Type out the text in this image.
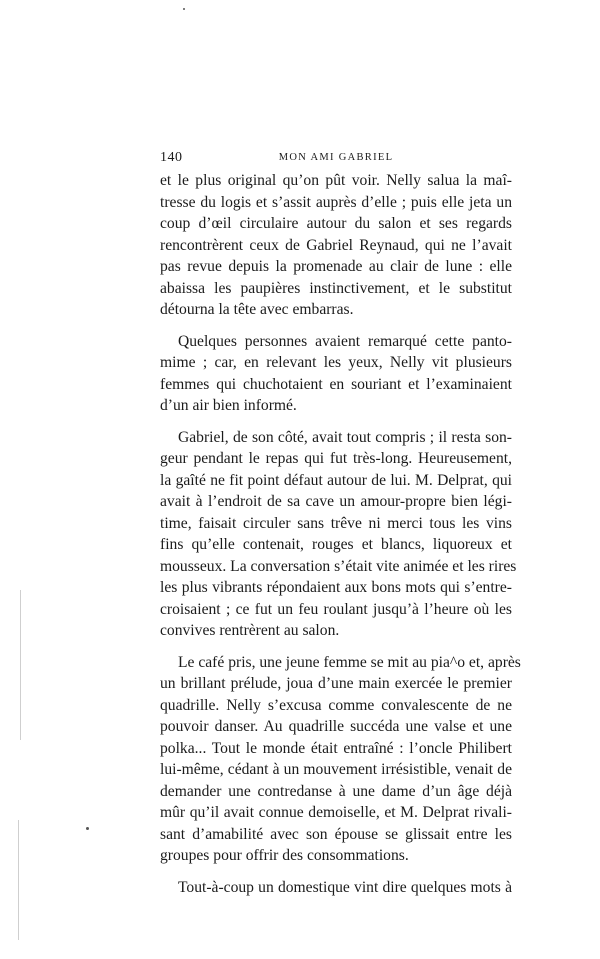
140	MON AMI GABRIEL
et le plus original qu’on pût voir. Nelly salua la maî-
tresse du logis et s’assit auprès d’elle ; puis elle jeta un
coup d’œil circulaire autour du salon et ses regards
rencontrèrent ceux de Gabriel Reynaud, qui ne l’avait
pas revue depuis la promenade au clair de lune : elle
abaissa les paupières instinctivement, et le substitut
détourna la tête avec embarras.
Quelques personnes avaient remarqué cette panto-
mime ; car, en relevant les yeux, Nelly vit plusieurs
femmes qui chuchotaient en souriant et l’examinaient
d’un air bien informé.
Gabriel, de son côté, avait tout compris ; il resta son-
geur pendant le repas qui fut très-long. Heureusement,
la gaîté ne fit point défaut autour de lui. M. Delprat, qui
avait à l’endroit de sa cave un amour-propre bien légi-
time, faisait circuler sans trêve ni merci tous les vins
fins qu’elle contenait, rouges et blancs, liquoreux et
mousseux. La conversation s’était vite animée et les rires
les plus vibrants répondaient aux bons mots qui s’entre-
croisaient ; ce fut un feu roulant jusqu’à l’heure où les
convives rentrèrent au salon.
Le café pris, une jeune femme se mit au pia^o et, après
un brillant prélude, joua d’une main exercée le premier
quadrille. Nelly s’excusa comme convalescente de ne
pouvoir danser. Au quadrille succéda une valse et une
polka... Tout le monde était entraîné : l’oncle Philibert
lui-même, cédant à un mouvement irrésistible, venait de
demander une contredanse à une dame d’un âge déjà
mûr qu’il avait connue demoiselle, et M. Delprat rivali-
sant d’amabilité avec son épouse se glissait entre les
groupes pour offrir des consommations.
Tout-à-coup un domestique vint dire quelques mots à
